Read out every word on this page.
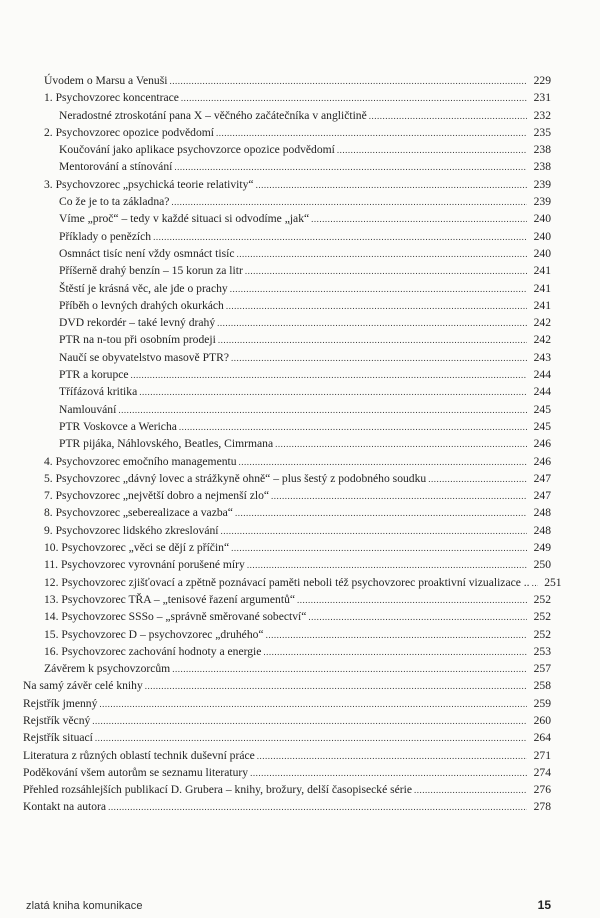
Úvodem o Marsu a Venuši .....	229
1. Psychovzorec koncentrace .....	231
Neradostné ztroskotání pana X – věčného začátečníka v angličtině .....	232
2. Psychovzorec opozice podvědomí .....	235
Koučování jako aplikace psychovzorce opozice podvědomí .....	238
Mentorování a stínování .....	238
3. Psychovzorec „psychická teorie relativity“ .....	239
Co že je to ta základna? .....	239
Víme „proč“ – tedy v každé situaci si odvodíme „jak“ .....	240
Příklady o penězích .....	240
Osmnáct tisíc není vždy osmnáct tisíc .....	240
Příšerně drahý benzín – 15 korun za litr .....	241
Štěstí je krásná věc, ale jde o prachy .....	241
Příběh o levných drahých okurkách .....	241
DVD rekordér – také levný drahý .....	242
PTR na n-tou při osobním prodeji .....	242
Naučí se obyvatelstvo masově PTR? .....	243
PTR a korupce .....	244
Třífázová kritika .....	244
Namlouvání .....	245
PTR Voskovce a Wericha .....	245
PTR pijáka, Náhlovského, Beatles, Cimrmana .....	246
4. Psychovzorec emočního managementu .....	246
5. Psychovzorec „dávný lovec a strážkyně ohně“ – plus šestý z podobného soudku .....	247
7. Psychovzorec „největší dobro a nejmenší zlo“ .....	247
8. Psychovzorec „seberealizace a vazba“ .....	248
9. Psychovzorec lidského zkreslování .....	248
10. Psychovzorec „věci se dějí z příčin“ .....	249
11. Psychovzorec vyrovnání porušené míry .....	250
12. Psychovzorec zjišťovací a zpětně poznávací paměti neboli též psychovzorec proaktivní vizualizace .. .....	251
13. Psychovzorec TŘA – „tenisové řazení argumentů“ .....	252
14. Psychovzorec SSSo – „správně směrované sobectví“ .....	252
15. Psychovzorec D – psychovzorec „druhého“ .....	252
16. Psychovzorec zachování hodnoty a energie .....	253
Závěrem k psychovzorcům .....	257
Na samý závěr celé knihy .....	258
Rejstřík jmenný .....	259
Rejstřík věcný .....	260
Rejstřík situací .....	264
Literatura z různých oblastí technik duševní práce .....	271
Poděkování všem autorům se seznamu literatury .....	274
Přehled rozsáhlejších publikací D. Grubera – knihy, brožury, delší časopisecké série .....	276
Kontakt na autora .....	278
zlatá kniha komunikace	15
